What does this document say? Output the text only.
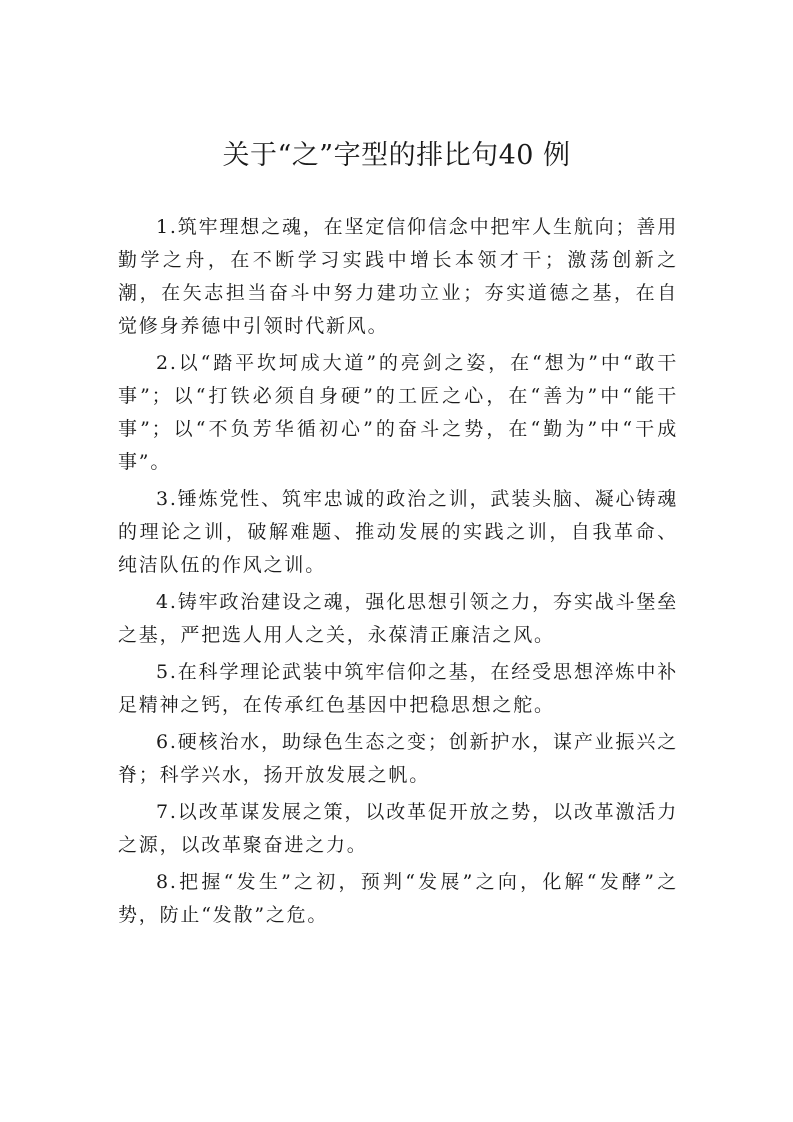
关于“之”字型的排比句40 例

1.筑牢理想之魂，在坚定信仰信念中把牢人生航向；善用勤学之舟，在不断学习实践中增长本领才干；激荡创新之潮，在矢志担当奋斗中努力建功立业；夯实道德之基，在自觉修身养德中引领时代新风。

2.以“踏平坎坷成大道”的亮剑之姿，在“想为”中“敢干事”；以“打铁必须自身硬”的工匠之心，在“善为”中“能干事”；以“不负芳华循初心”的奋斗之势，在“勤为”中“干成事”。

3.锤炼党性、筑牢忠诚的政治之训，武装头脑、凝心铸魂的理论之训，破解难题、推动发展的实践之训，自我革命、纯洁队伍的作风之训。

4.铸牢政治建设之魂，强化思想引领之力，夯实战斗堡垒之基，严把选人用人之关，永葆清正廉洁之风。

5.在科学理论武装中筑牢信仰之基，在经受思想淬炼中补足精神之钙，在传承红色基因中把稳思想之舵。

6.硬核治水，助绿色生态之变；创新护水，谋产业振兴之脊；科学兴水，扬开放发展之帆。

7.以改革谋发展之策，以改革促开放之势，以改革激活力之源，以改革聚奋进之力。

8.把握“发生”之初，预判“发展”之向，化解“发酵”之势，防止“发散”之危。
